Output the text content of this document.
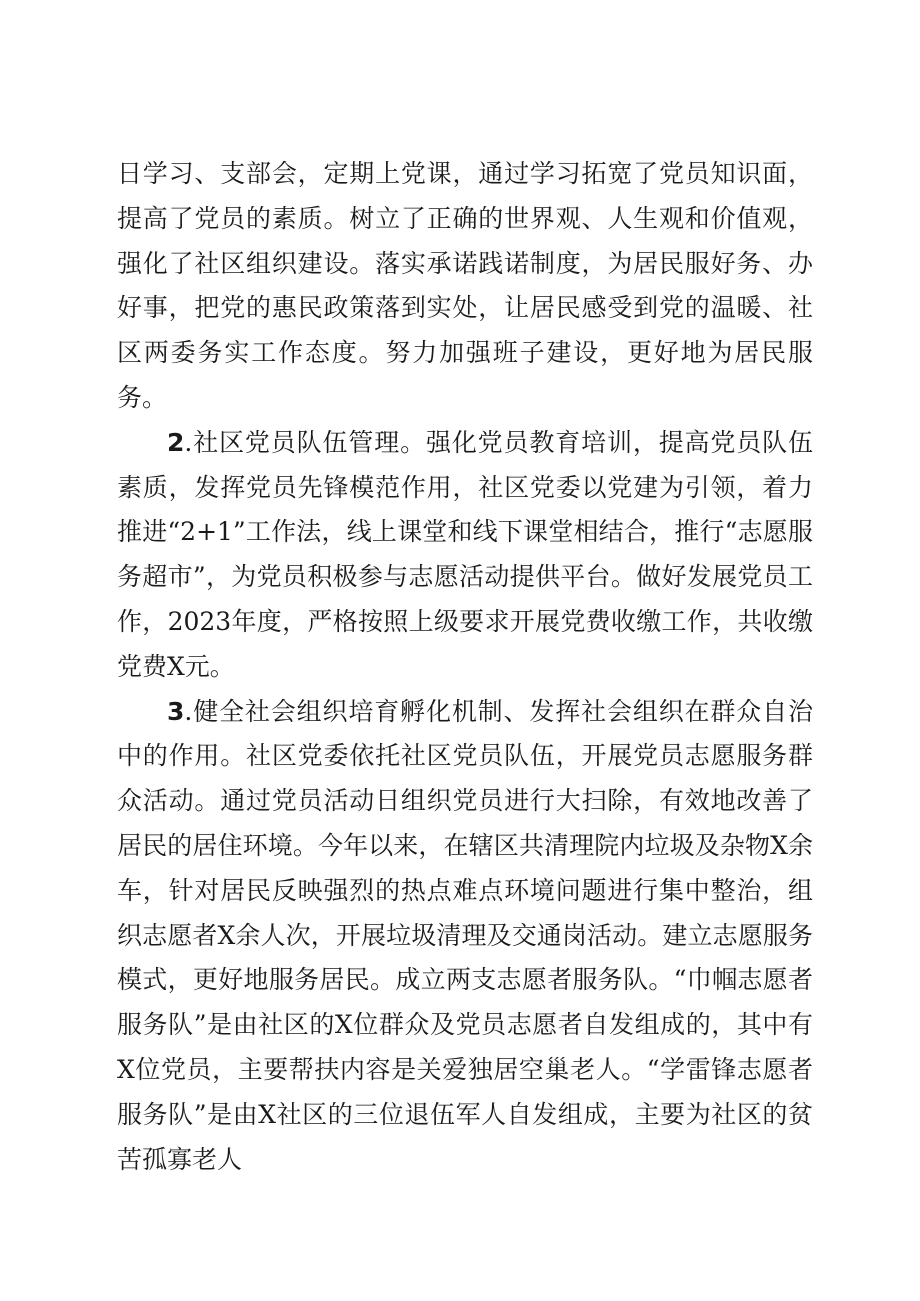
日学习、支部会，定期上党课，通过学习拓宽了党员知识面，提高了党员的素质。树立了正确的世界观、人生观和价值观，强化了社区组织建设。落实承诺践诺制度，为居民服好务、办好事，把党的惠民政策落到实处，让居民感受到党的温暖、社区两委务实工作态度。努力加强班子建设，更好地为居民服务。

2.社区党员队伍管理。强化党员教育培训，提高党员队伍素质，发挥党员先锋模范作用，社区党委以党建为引领，着力推进“2+1”工作法，线上课堂和线下课堂相结合，推行“志愿服务超市”，为党员积极参与志愿活动提供平台。做好发展党员工作，2023年度，严格按照上级要求开展党费收缴工作，共收缴党费X元。

3.健全社会组织培育孵化机制、发挥社会组织在群众自治中的作用。社区党委依托社区党员队伍，开展党员志愿服务群众活动。通过党员活动日组织党员进行大扫除，有效地改善了居民的居住环境。今年以来，在辖区共清理院内垃圾及杂物X余车，针对居民反映强烈的热点难点环境问题进行集中整治，组织志愿者X余人次，开展垃圾清理及交通岗活动。建立志愿服务模式，更好地服务居民。成立两支志愿者服务队。“巾帼志愿者服务队”是由社区的X位群众及党员志愿者自发组成的，其中有X位党员，主要帮扶内容是关爱独居空巢老人。“学雷锋志愿者服务队”是由X社区的三位退伍军人自发组成，主要为社区的贫苦孤寡老人
